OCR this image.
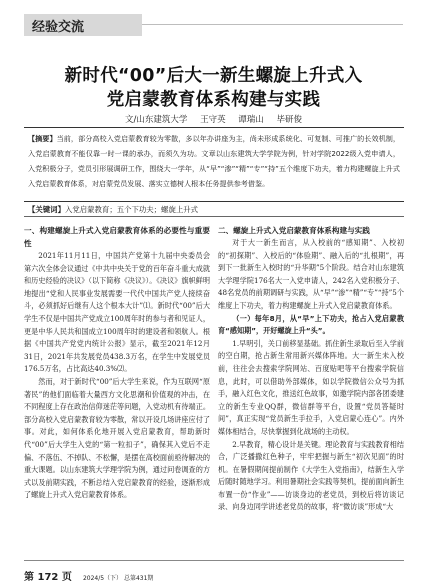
经验交流
新时代“00”后大一新生螺旋上升式入
党启蒙教育体系构建与实践
文/山东建筑大学 王守英 谭瑞山 毕研俊
【摘要】当前，部分高校入党启蒙教育较为零散，多以年办讲座为主，尚未形成系统化、可复制、可推广的长效机制，入党启蒙教育不能仅靠一时一课的承办，而须久为功。文章以山东建筑大学学院为例，针对学院2022级入党申请人，入党积极分子，党员引形展调研工作，围绕大一学年，从“早”“渗”“精”“专”“持”五个维度下功夫，着力构建螺旋上升式入党启蒙教育体系，对启蒙党员发展、落实立德树人根本任务提供参考借鉴。
【关键词】入党启蒙教育；五个下功夫；螺旋上升式

一、构建螺旋上升式入党启蒙教育体系的必要性与重要性

2021年11月11日，中国共产党第十九届中央委员会第六次全体会议通过《中共中央关于党的百年奋斗重大成就和历史经验的决议》（以下简称《决议》）。《决议》旗帜鲜明地提出“党和人民事业发展需要一代代中国共产党人接续奋斗，必须抓好后继有人这个根本大计”⑴。新时代“00”后大学生不仅是中国共产党成立100周年时的参与者和见证人，更是中华人民共和国成立100周年时的建设者和领航人。根据《中国共产党党内统计公报》显示，截至2021年12月31日，2021年共发展党员438.3万名，在学生中发展党员176.5万名，占比高达40.3%⑵。

然而，对于新时代“00”后大学生来说，作为互联网“原著民”的他们面临着大量西方文化思潮和价值观的冲击，在不同程度上存在政治信仰迷茫等问题，入党动机有待端正。部分高校入党启蒙教育较为零散，常以开设几场讲座应付了事。对此，如何体系化地开展入党启蒙教育，帮助新时代“00”后大学生入党的“第一粒扣子”，确保其入党后不走偏、不落伍、不掉队、不松懈，是摆在高校面前亟待解决的重大课题。以山东建筑大学理学院为例，通过问卷调查的方式以及前期实践，不断总结入党启蒙教育的经验，逐渐形成了螺旋上升式入党启蒙教育体系。

二、螺旋上升式入党启蒙教育体系构建与实践

对于大一新生而言，从入校前的“感知期”、入校初的“初探期”、入校后的“体验期”、融入后的“扎根期”，再到下一批新生入校时的“升华期”5个阶段。结合对山东建筑大学理学院176名大一入党申请人，242名入党积极分子、48名党员的前期调研与实践，从“早”“渗”“精”“专”“持”5个维度上下功夫，着力构建螺旋上升式入党启蒙教育体系。

（一）每年8月，从“早”上下功夫，抢占入党启蒙教育“感知期”，开好螺旋上升“头”。

1.早明引，关口前移显基础。抓住新生录取后至入学前的空白期，抢占新生常用新兴媒体阵地。大一新生未入校前，往往会去搜索学院网站、百度贴吧等平台搜索学院信息，此时，可以借助外部媒体，如以学院微信公众号为抓手，融入红色文化，推送红色故事，如邀学院内部各团委建立的新生专业QQ群，微信群等平台，设置“党员答疑时间”，真正实现“党员新生手拉手，入党启蒙心连心”。内外媒体相结合，尽快掌握到化战场的主动权。

2.早教育，精心设计是关键。理论教育与实践教育相结合，广泛播撒红色种子，牢牢把握与新生“初次见面”的时机。在暑假期间提前制作《大学生入党指南》，结新生入学后随时随地学习。利用暑期社会实践等契机，提前面向新生布置一份“作业”——访谈身边的老党员，到校后将访谈记录、向身边同学讲述老党员的故事，将“微访谈”形成“大

第 172 页 2024/5（下） 总第431期
